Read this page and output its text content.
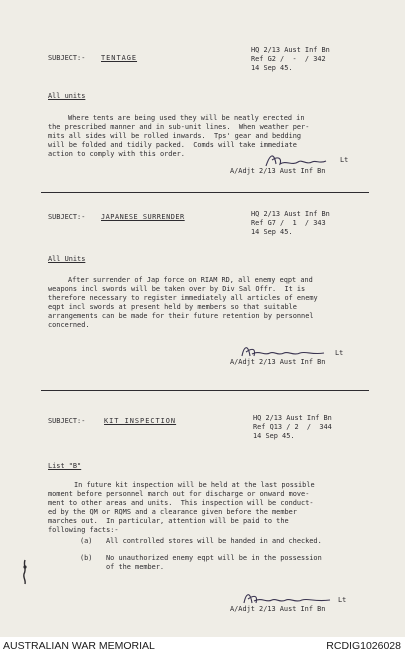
SUBJECT:- TENTAGE
HQ 2/13 Aust Inf Bn
Ref G2 /  -  / 342
14 Sep 45.
All units
Where tents are being used they will be neatly erected in
the prescribed manner and in sub-unit lines.  When weather per-
mits all sides will be rolled inwards.  Tps' gear and bedding
will be folded and tidily packed.  Comds will take immediate
action to comply with this order.
Lt
A/Adjt 2/13 Aust Inf Bn
SUBJECT:- JAPANESE SURRENDER	HQ 2/13 Aust Inf Bn
Ref G7 /  1  / 343
14 Sep 45.
All Units
After surrender of Jap force on RIAM RD, all enemy eqpt and
weapons incl swords will be taken over by Div Sal Offr.  It is
therefore necessary to register immediately all articles of enemy
eqpt incl swords at present held by members so that suitable
arrangements can be made for their future retention by personnel
concerned.
Lt
A/Adjt 2/13 Aust Inf Bn
SUBJECT:-	KIT INSPECTION	HQ 2/13 Aust Inf Bn
Ref Q13 / 2  /  344
14 Sep 45.
List "B"
In future kit inspection will be held at the last possible
moment before personnel march out for discharge or onward move-
ment to other areas and units.  This inspection will be conduct-
ed by the QM or RQMS and a clearance given before the member
marches out.  In particular, attention will be paid to the
following facts:-
(a) All controlled stores will be handed in and checked.
(b) No unauthorized enemy eqpt will be in the possession
of the member.
Lt
A/Adjt 2/13 Aust Inf Bn
AUSTRALIAN WAR MEMORIAL	RCDIG1026028
